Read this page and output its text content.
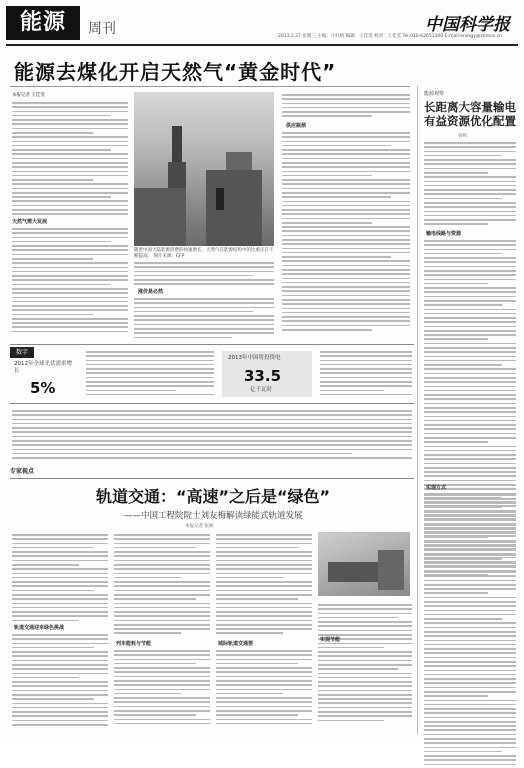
能源	周刊	中国科学报
2013.2.27 星期三 主编：计红梅 编辑：王佳雯 校对：王佳雯 Tel:010-62651300 E-mail:energy@stimes.cn
能源去煤化开启天然气“黄金时代”
本报记者 王佳雯
天然气需大发展
随着中国大陆能源消费的快速增长，天然气在能源结构中的比重正在不断提高。 图片来源：CFP
涨价是必然
供应瓶颈
能源观察
长距离大容量输电有益资源优化配置
曾鸣
输电线路与资源
实现方式
数字
2012年全球光伏需求增长
5%
2013年中国将投资电
33.5
亿千瓦时
专家视点
轨道交通：“高速”之后是“绿色”
——中国工程院院士刘友梅解读绿能式轨道发展
本报记者 张林
轨道交通迎来绿色挑战
列车能耗与节能	城际轨道交通要
实现节能
